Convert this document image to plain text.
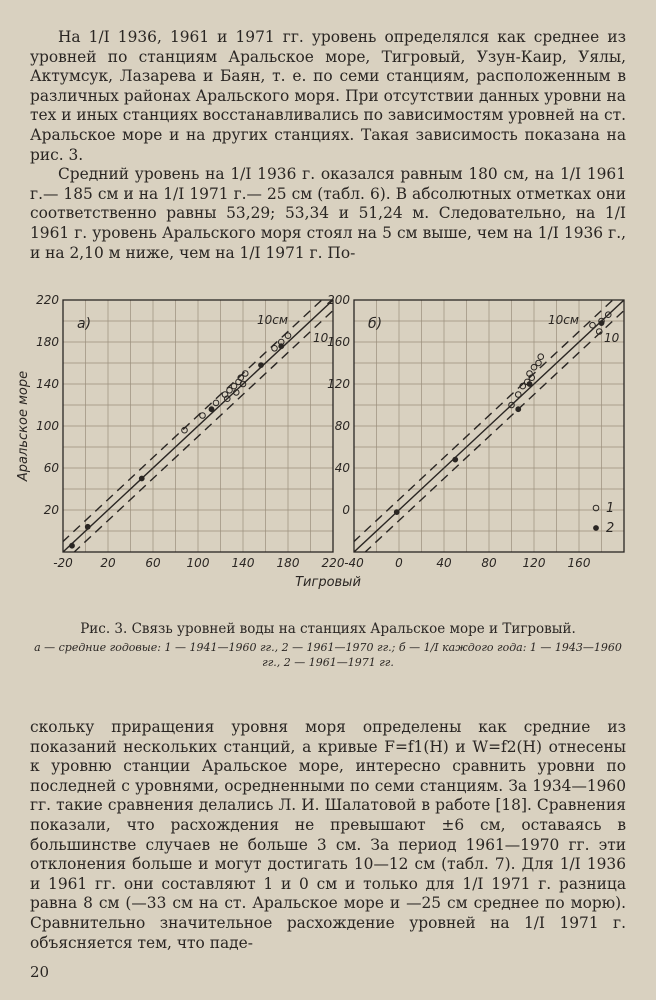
На 1/I 1936, 1961 и 1971 гг. уровень определялся как среднее из уровней по станциям Аральское море, Тигровый, Узун-Каир, Уялы, Актумсук, Лазарева и Баян, т. е. по семи станциям, расположенным в различных районах Аральского моря. При отсутствии данных уровни на тех и иных станциях восстанавливались по зависимостям уровней на ст. Аральское море и на других станциях. Такая зависимость показана на рис. 3.
Средний уровень на 1/I 1936 г. оказался равным 180 см, на 1/I 1961 г.— 185 см и на 1/I 1971 г.— 25 см (табл. 6). В абсолютных отметках они соответственно равны 53,29; 53,34 и 51,24 м. Следовательно, на 1/I 1961 г. уровень Аральского моря стоял на 5 см выше, чем на 1/I 1936 г., и на 2,10 м ниже, чем на 1/I 1971 г. По-

-20 20 60 100 140 180 220
20
60
100
140
180
220
а)	10см
10
Аральское море
Тигровый
-40	0	40 80 120 160
0
40
80
120
160
200
б)	10см
10
1
2

Рис. 3. Связь уровней воды на станциях Аральское море и Тигровый.

а — средние годовые: 1 — 1941—1960 гг., 2 — 1961—1970 гг.; б — 1/I каждого года: 1 — 1943—1960 гг., 2 — 1961—1971 гг.

скольку приращения уровня моря определены как средние из показаний нескольких станций, а кривые F=f1(H) и W=f2(H) отнесены к уровню станции Аральское море, интересно сравнить уровни по последней с уровнями, осредненными по семи станциям. За 1934—1960 гг. такие сравнения делались Л. И. Шалатовой в работе [18]. Сравнения показали, что расхождения не превышают ±6 см, оставаясь в большинстве случаев не больше 3 см. За период 1961—1970 гг. эти отклонения больше и могут достигать 10—12 см (табл. 7). Для 1/I 1936 и 1961 гг. они составляют 1 и 0 см и только для 1/I 1971 г. разница равна 8 см (—33 см на ст. Аральское море и —25 см среднее по морю). Сравнительно значительное расхождение уровней на 1/I 1971 г. объясняется тем, что паде-

20
